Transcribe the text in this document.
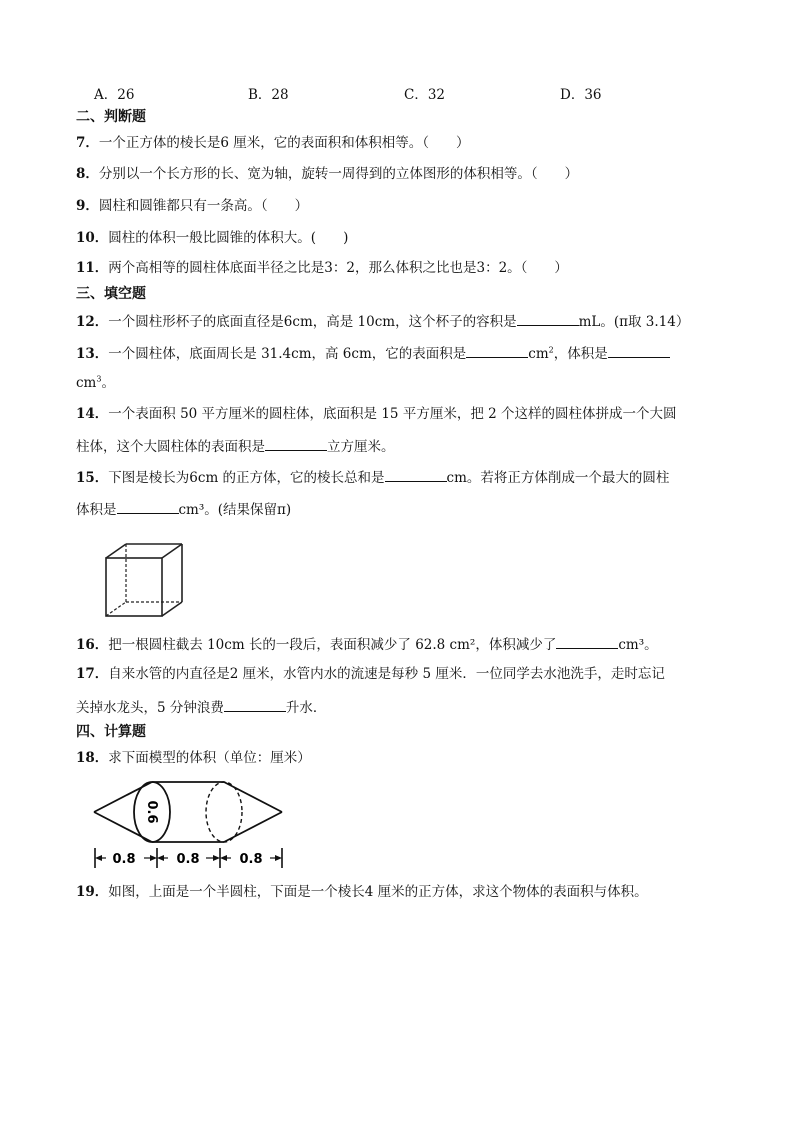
A．26	B．28	C．32	D．36
二、判断题
7．一个正方体的棱长是6 厘米，它的表面积和体积相等。（　　）
8．分别以一个长方形的长、宽为轴，旋转一周得到的立体图形的体积相等。（　　）
9．圆柱和圆锥都只有一条高。（　　）
10．圆柱的体积一般比圆锥的体积大。(　　)
11．两个高相等的圆柱体底面半径之比是3：2，那么体积之比也是3：2。（　　）
三、填空题
12．一个圆柱形杯子的底面直径是6cm，高是 10cm，这个杯子的容积是	mL。(π取 3.14）
13．一个圆柱体，底面周长是 31.4cm，高 6cm，它的表面积是	$cm^2$，体积是
$cm^3$。
14．一个表面积 50 平方厘米的圆柱体，底面积是 15 平方厘米，把 2 个这样的圆柱体拼成一个大圆
柱体，这个大圆柱体的表面积是	立方厘米。
15．下图是棱长为6cm 的正方体，它的棱长总和是	cm。若将正方体削成一个最大的圆柱
体积是	cm³。(结果保留π)
16．把一根圆柱截去 10cm 长的一段后，表面积减少了 62.8 cm²，体积减少了	cm³。
17．自来水管的内直径是2 厘米，水管内水的流速是每秒 5 厘米．一位同学去水池洗手，走时忘记
关掉水龙头，5 分钟浪费	升水．
四、计算题
18．求下面模型的体积（单位：厘米）
0.6
0.8	0.8	0.8
19．如图，上面是一个半圆柱，下面是一个棱长4 厘米的正方体，求这个物体的表面积与体积。
